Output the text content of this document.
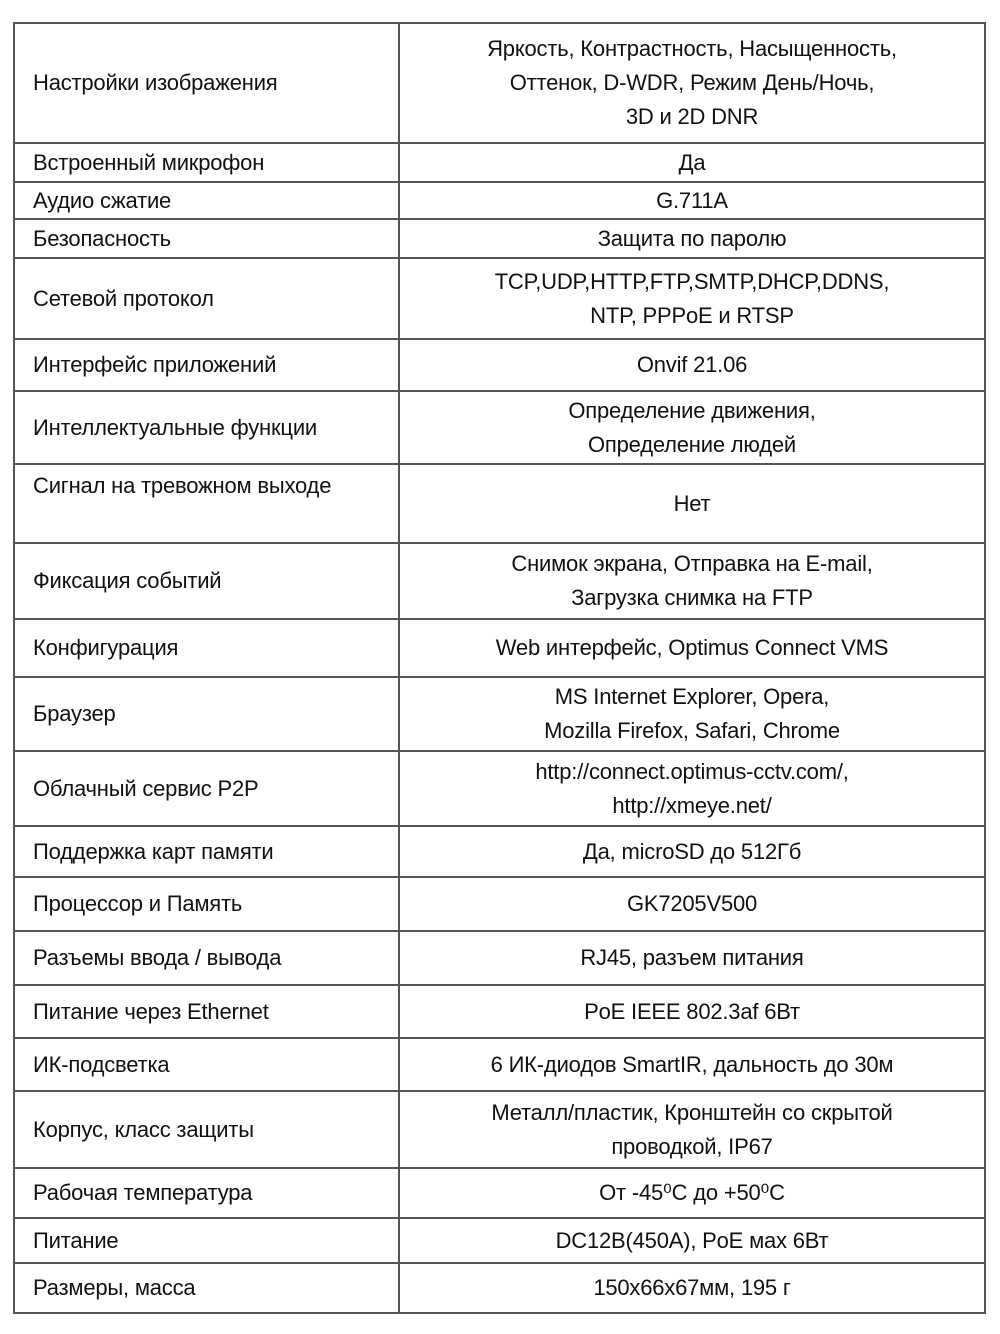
Настройки изображения	Яркость, Контрастность, Насыщенность,
Оттенок, D-WDR, Режим День/Ночь,
3D и 2D DNR

Встроенный микрофон	Да

Аудио сжатие	G.711A

Безопасность	Защита по паролю

Сетевой протокол	TCP,UDP,HTTP,FTP,SMTP,DHCP,DDNS,
NTP, PPPoE и RTSP

Интерфейс приложений	Onvif 21.06

Интеллектуальные функции	Определение движения,
Определение людей

Сигнал на тревожном выходе	Нет

Фиксация событий	Снимок экрана, Отправка на E-mail,
Загрузка снимка на FTP

Конфигурация	Web интерфейс, Optimus Connect VMS

Браузер	MS Internet Explorer, Opera,
Mozilla Firefox, Safari, Chrome

Облачный сервис P2P	http://connect.optimus-cctv.com/,
http://xmeye.net/

Поддержка карт памяти	Да, microSD до 512Гб

Процессор и Память	GK7205V500

Разъемы ввода / вывода	RJ45, разъем питания

Питание через Ethernet	PoE IEEE 802.3af 6Вт

ИК-подсветка	6 ИК-диодов SmartIR, дальность до 30м

Корпус, класс защиты	Металл/пластик, Кронштейн со скрытой
проводкой, IP67

Рабочая температура	От -45⁰С до +50⁰С

Питание	DC12B(450A), PoE мах 6Вт

Размеры, масса	150x66x67мм, 195 г
